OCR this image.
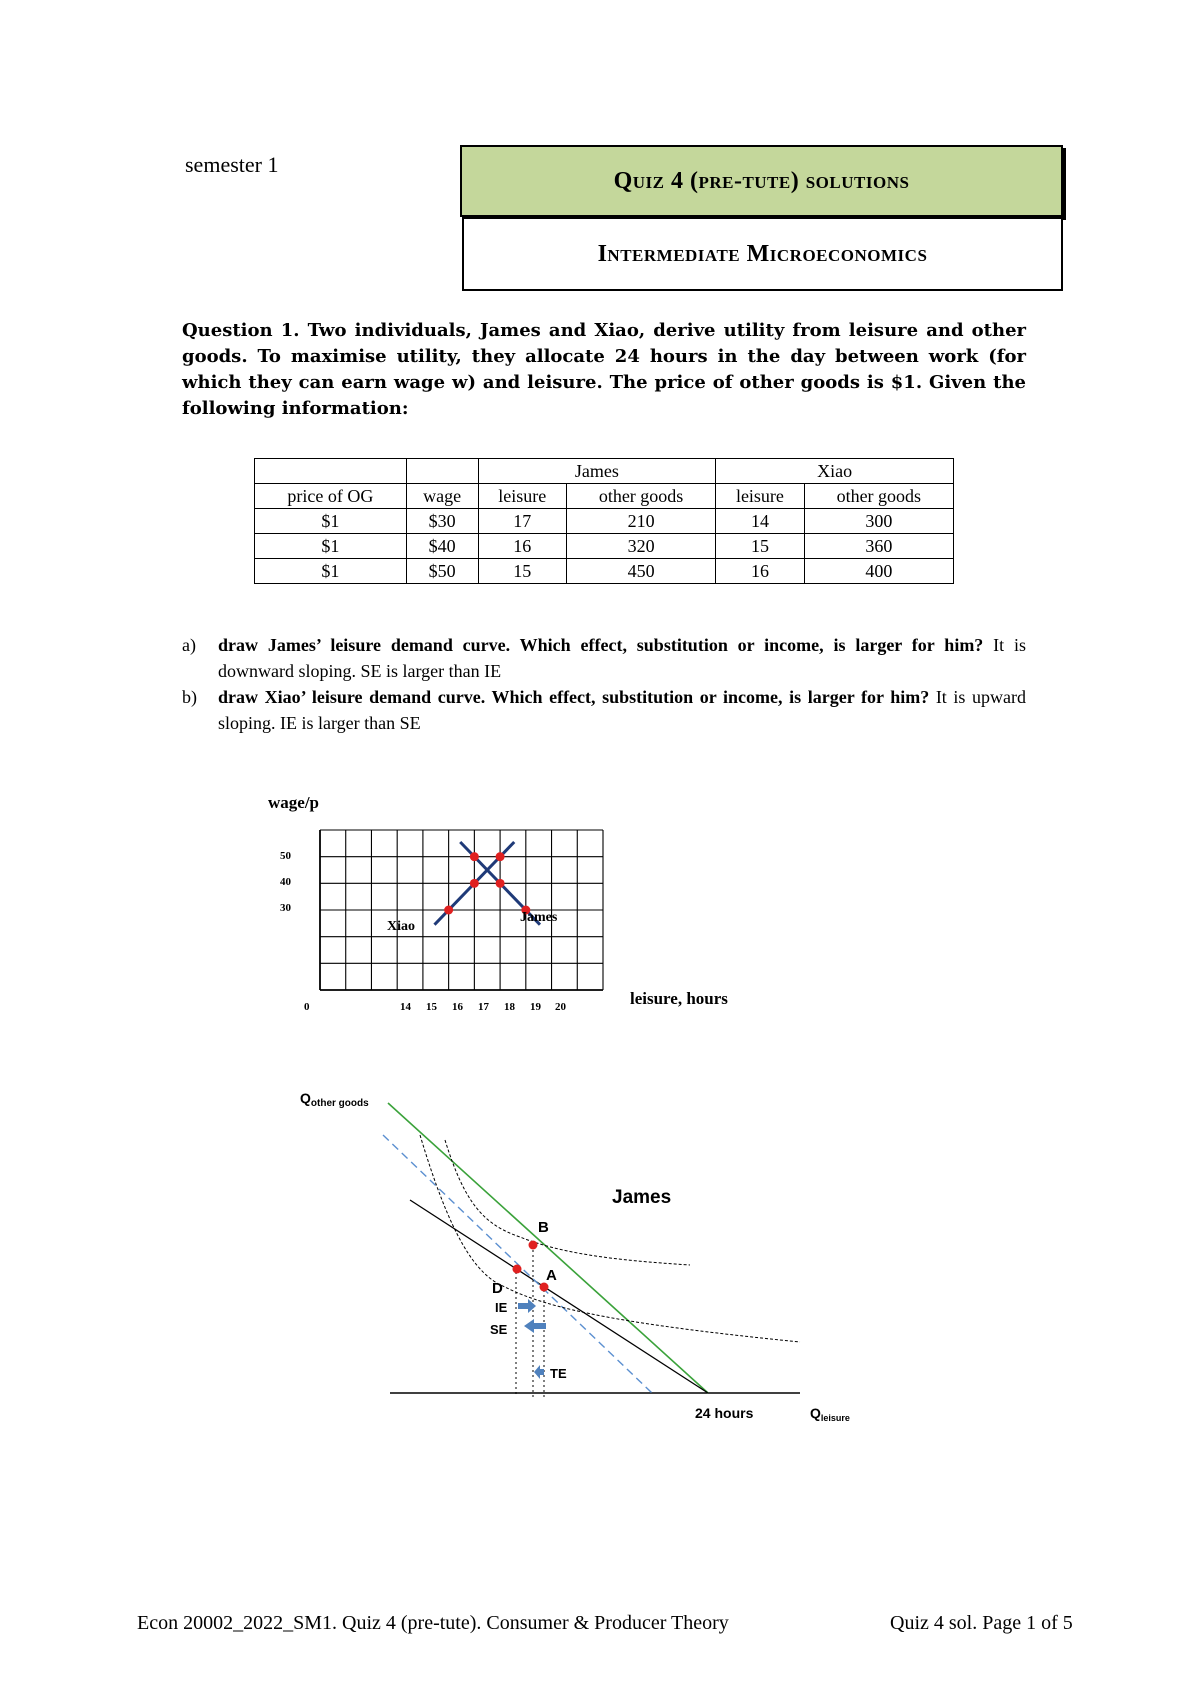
semester 1
Quiz 4 (pre-tute) solutions
Intermediate Microeconomics
Question 1. Two individuals, James and Xiao, derive utility from leisure and other goods. To maximise utility, they allocate 24 hours in the day between work (for which they can earn wage w) and leisure. The price of other goods is $1. Given the following information:
		James		Xiao	
price of OG	wage	leisure	other goods	leisure	other goods
$1	$30	17	210	14	300
$1	$40	16	320	15	360
$1	$50	15	450	16	400
a)	draw James’ leisure demand curve. Which effect, substitution or income, is larger for him? It is downward sloping. SE is larger than IE
b)	draw Xiao’ leisure demand curve. Which effect, substitution or income, is larger for him? It is upward sloping. IE is larger than SE
wage/p
leisure, hours
50
40
30
0	14 15 16 17 18 19 20
Xiao
James
$Q_{other goods}$
James
B
A
D
IE
SE
TE
24 hours	$Q_{leisure}$
Econ 20002_2022_SM1. Quiz 4 (pre-tute). Consumer & Producer Theory	Quiz 4 sol. Page 1 of 5
